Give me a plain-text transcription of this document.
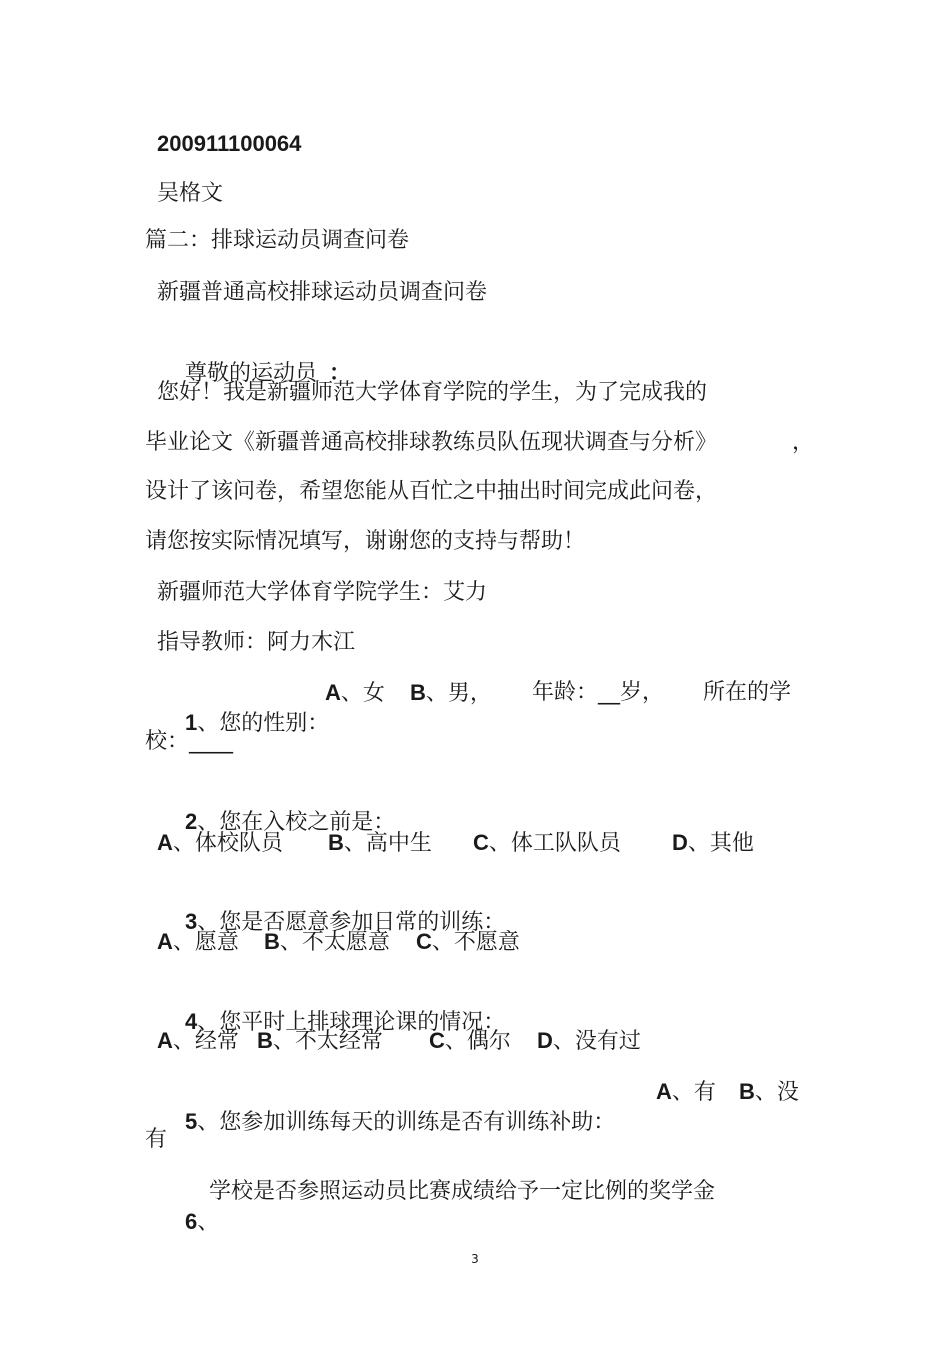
200911100064
吴格文
篇二：排球运动员调查问卷
新疆普通高校排球运动员调查问卷

尊敬的运动员 ：

您好！我是新疆师范大学体育学院的学生，为了完成我的
毕业论文《新疆普通高校排球教练员队伍现状调查与分析》	，
设计了该问卷，希望您能从百忙之中抽出时间完成此问卷，
请您按实际情况填写，谢谢您的支持与帮助！
新疆师范大学体育学院学生：艾力
指导教师：阿力木江

1、您的性别：

A、女 B、男， 年龄：__岁， 所在的学
校：____

2、您在入校之前是：

A、体校队员 B、高中生 C、体工队队员 D、其他

3、您是否愿意参加日常的训练：

A、愿意 B、不太愿意 C、不愿意

4、您平时上排球理论课的情况：

A、经常 B、不太经常 C、偶尔 D、没有过

5、您参加训练每天的训练是否有训练补助：

A、有 B、没
有

6、

学校是否参照运动员比赛成绩给予一定比例的奖学金
3
